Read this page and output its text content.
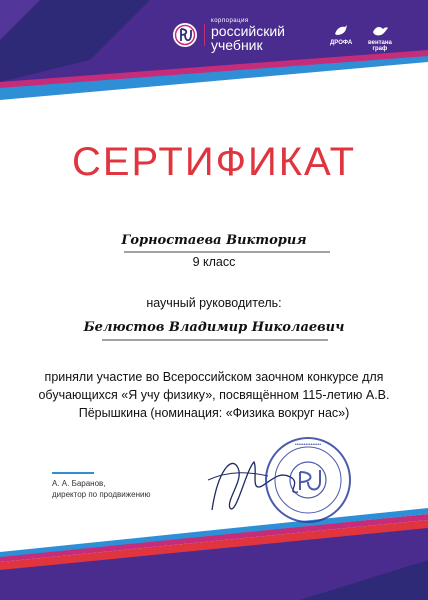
•••••••••••••••
корпорация
российский
учебник	ДРОФА	вентана
граф
СЕРТИФИКАТ
Горностаева Виктория
9 класс
научный руководитель:
Белюстов Владимир Николаевич
приняли участие во Всероссийском заочном конкурсе для
обучающихся «Я учу физику», посвящённом 115-летию А.В.
Пёрышкина (номинация: «Физика вокруг нас»)
А. А. Баранов,
директор по продвижению
